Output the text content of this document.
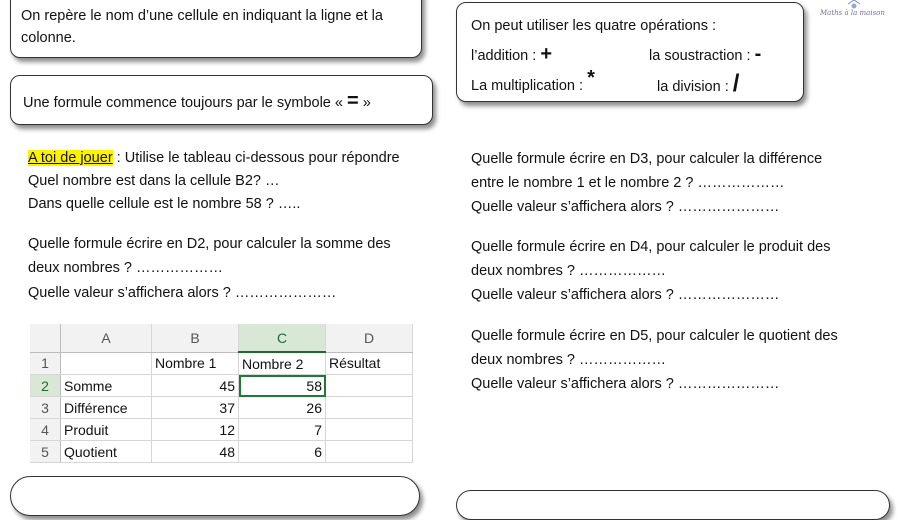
On repère le nom d’une cellule en indiquant la ligne et la colonne.
Une formule commence toujours par le symbole « = »
On peut utiliser les quatre opérations :
l’addition : +	la soustraction : -
La multiplication : *	la division : /
Maths à la maison
A toi de jouer : Utilise le tableau ci-dessous pour répondre
Quel nombre est dans la cellule B2? …
Dans quelle cellule est le nombre 58 ? …..
Quelle formule écrire en D2, pour calculer la somme des
deux nombres ? ………………
Quelle valeur s’affichera alors ? …………………
Quelle formule écrire en D3, pour calculer la différence
entre le nombre 1 et le nombre 2 ? ………………
Quelle valeur s’affichera alors ? …………………
Quelle formule écrire en D4, pour calculer le produit des
deux nombres ? ………………
Quelle valeur s’affichera alors ? …………………
Quelle formule écrire en D5, pour calculer le quotient des
deux nombres ? ………………
Quelle valeur s’affichera alors ? …………………
	A	B	C	D
1		Nombre 1	Nombre 2	Résultat
2	Somme	45	58	
3	Différence	37	26	
4	Produit	12	7	
5	Quotient	48	6	
